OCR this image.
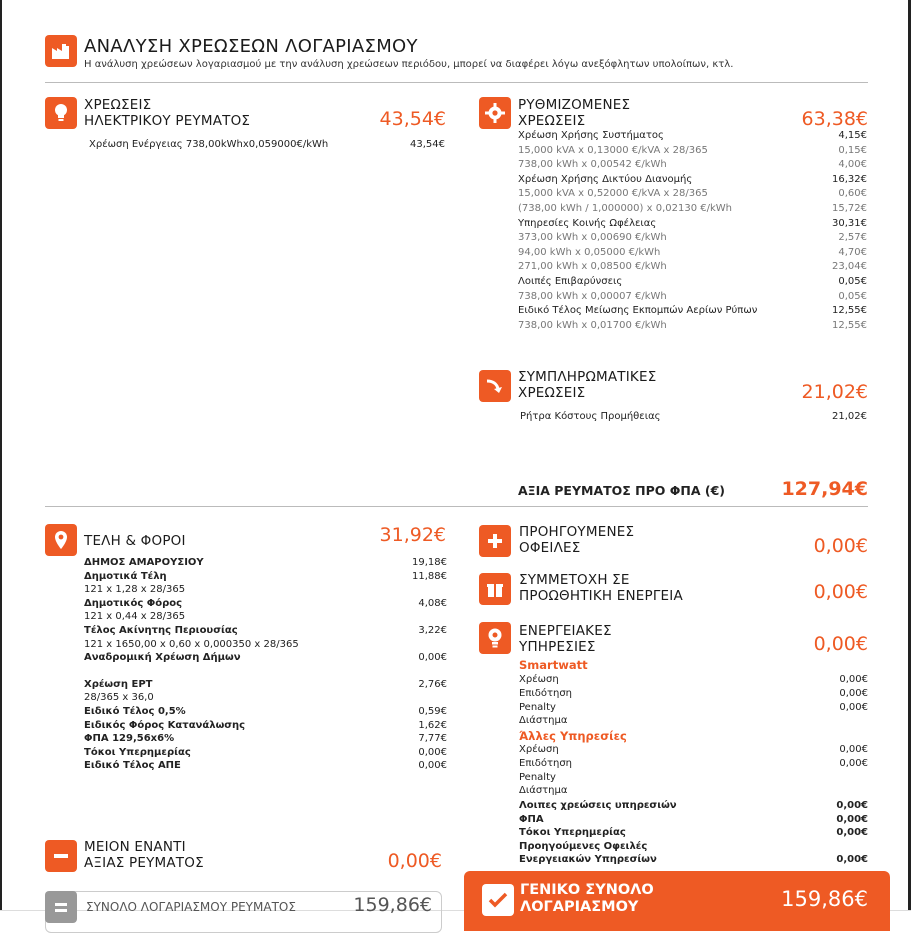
ΑΝΑΛΥΣΗ ΧΡΕΩΣΕΩΝ ΛΟΓΑΡΙΑΣΜΟΥ
Η ανάλυση χρεώσεων λογαριασμού με την ανάλυση χρεώσεων περιόδου, μπορεί να διαφέρει λόγω ανεξόφλητων υπολοίπων, κτλ.
ΧΡΕΩΣΕΙΣ
ΗΛΕΚΤΡΙΚΟΥ ΡΕΥΜΑΤΟΣ	43,54€
Χρέωση Ενέργειας 738,00kWhx0,059000€/kWh	43,54€
ΡΥΘΜΙΖΟΜΕΝΕΣ
ΧΡΕΩΣΕΙΣ	63,38€
Χρέωση Χρήσης Συστήματος	4,15€
15,000 kVA x 0,13000 €/kVA x 28/365	0,15€
738,00 kWh x 0,00542 €/kWh	4,00€
Χρέωση Χρήσης Δικτύου Διανομής	16,32€
15,000 kVA x 0,52000 €/kVA x 28/365	0,60€
(738,00 kWh / 1,000000) x 0,02130 €/kWh	15,72€
Υπηρεσίες Κοινής Ωφέλειας	30,31€
373,00 kWh x 0,00690 €/kWh	2,57€
94,00 kWh x 0,05000 €/kWh	4,70€
271,00 kWh x 0,08500 €/kWh	23,04€
Λοιπές Επιβαρύνσεις	0,05€
738,00 kWh x 0,00007 €/kWh	0,05€
Ειδικό Τέλος Μείωσης Εκπομπών Αερίων Ρύπων	12,55€
738,00 kWh x 0,01700 €/kWh	12,55€
ΣΥΜΠΛΗΡΩΜΑΤΙΚΕΣ
ΧΡΕΩΣΕΙΣ	21,02€
Ρήτρα Κόστους Προμήθειας	21,02€
ΑΞΙΑ ΡΕΥΜΑΤΟΣ ΠΡΟ ΦΠΑ (€)	127,94€
ΤΕΛΗ & ΦΟΡΟΙ	31,92€
ΔΗΜΟΣ ΑΜΑΡΟΥΣΙΟΥ	19,18€
Δημοτικά Τέλη	11,88€
121 x 1,28 x 28/365
Δημοτικός Φόρος	4,08€
121 x 0,44 x 28/365
Τέλος Ακίνητης Περιουσίας	3,22€
121 x 1650,00 x 0,60 x 0,000350 x 28/365
Αναδρομική Χρέωση Δήμων	0,00€
Χρέωση ΕΡΤ	2,76€
28/365 x 36,0
Ειδικό Τέλος 0,5%	0,59€
Ειδικός Φόρος Κατανάλωσης	1,62€
ΦΠΑ 129,56x6%	7,77€
Τόκοι Υπερημερίας	0,00€
Ειδικό Τέλος ΑΠΕ	0,00€
ΠΡΟΗΓΟΥΜΕΝΕΣ
ΟΦΕΙΛΕΣ	0,00€
ΣΥΜΜΕΤΟΧΗ ΣΕ
ΠΡΟΩΘΗΤΙΚΗ ΕΝΕΡΓΕΙΑ	0,00€
ΕΝΕΡΓΕΙΑΚΕΣ
ΥΠΗΡΕΣΙΕΣ	0,00€
Smartwatt
Χρέωση	0,00€
Επιδότηση	0,00€
Penalty	0,00€
Διάστημα
Άλλες Υπηρεσίες
Χρέωση	0,00€
Επιδότηση	0,00€
Penalty
Διάστημα
Λοιπες χρεώσεις υπηρεσιών	0,00€
ΦΠΑ	0,00€
Τόκοι Υπερημερίας	0,00€
Προηγούμενες Οφειλές
Ενεργειακών Υπηρεσίων	0,00€
ΜΕΙΟΝ ΕΝΑΝΤΙ
ΑΞΙΑΣ ΡΕΥΜΑΤΟΣ	0,00€
ΣΥΝΟΛΟ ΛΟΓΑΡΙΑΣΜΟΥ ΡΕΥΜΑΤΟΣ	159,86€
ΓΕΝΙΚΟ ΣΥΝΟΛΟ
ΛΟΓΑΡΙΑΣΜΟΥ	159,86€
